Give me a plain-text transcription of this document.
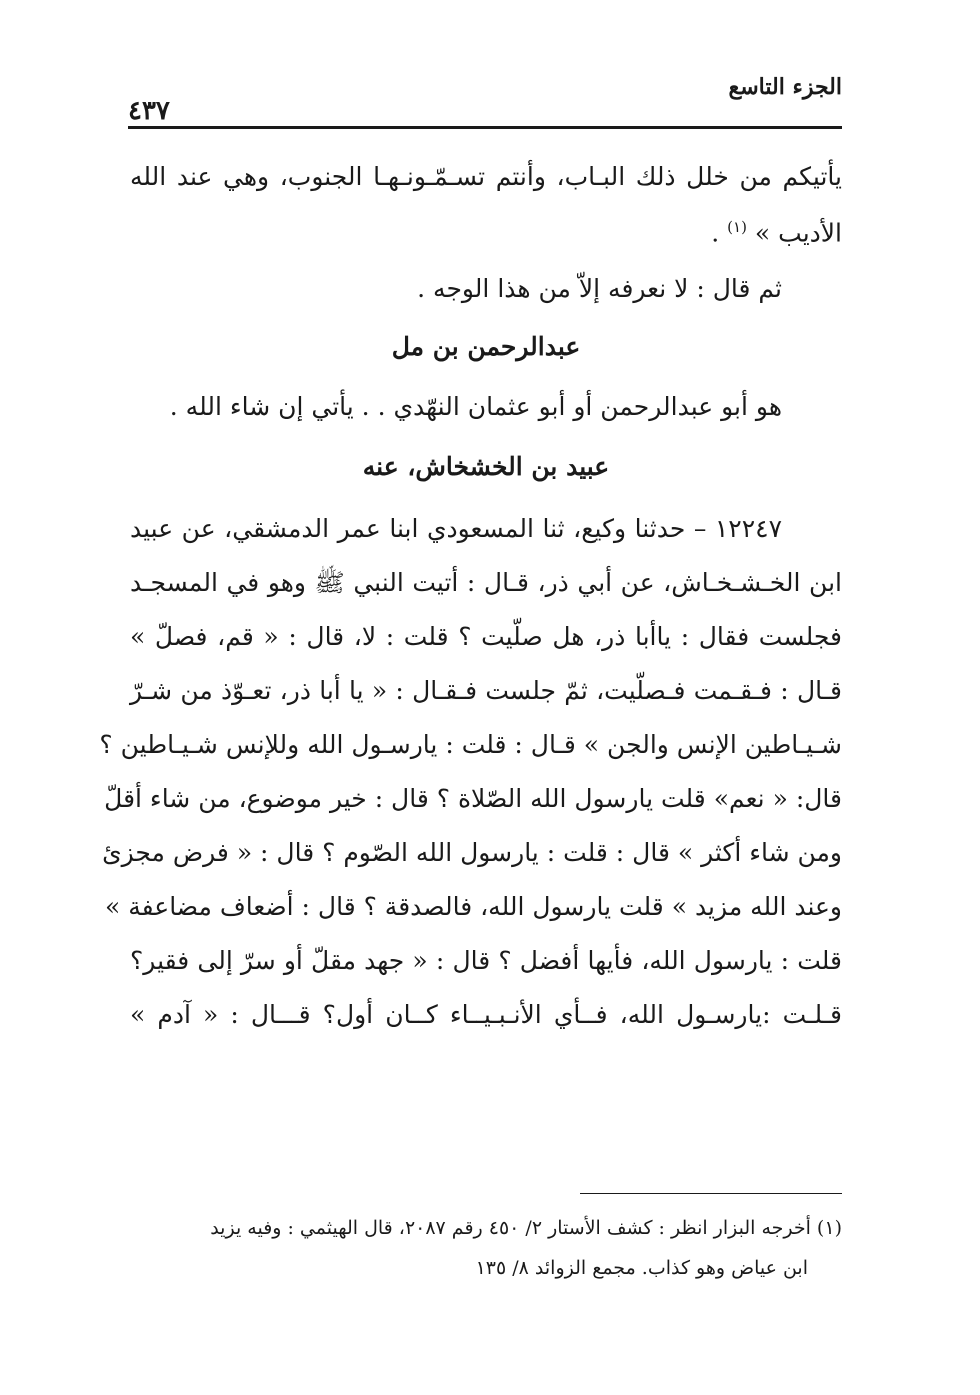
الجزء التاسع
٤٣٧
يأتيكم من خلل ذلك البـاب، وأنتم تسـمّـونـهـا الجنوب، وهي عند الله
الأديب » $^{(١)}$ .
ثم قال : لا نعرفه إلاّ من هذا الوجه .
عبدالرحمن بن مل
هو أبو عبدالرحمن أو أبو عثمان النهّدي . . يأتي إن شاء الله .
عبيد بن الخشخاش، عنه
١٢٢٤٧ – حدثنا وكيع، ثنا المسعودي ابنا عمر الدمشقي، عن عبيد
ابن الخـشـخـاش، عن أبي ذر، قـال : أتيت النبي ﷺ وهو في المسجـد
فجلست فقال : ياأبا ذر، هل صلّيت ؟ قلت : لا، قال : « قم، فصلّ »
قـال : فـقـمت فـصلّيت، ثمّ جلست فـقـال : « يا أبا ذر، تعـوّذ من شـرّ
شـيـاطين الإنس والجن » قـال : قلت : يارسـول الله وللإنس شـيـاطين ؟
قال: « نعم» قلت يارسول الله الصّلاة ؟ قال : خير موضوع، من شاء أقلّ
ومن شاء أكثر » قال : قلت : يارسول الله الصّوم ؟ قال : « فرض مجزئ
وعند الله مزيد » قلت يارسول الله، فالصدقة ؟ قال : أضعاف مضاعفة »
قلت : يارسول الله، فأيها أفضل ؟ قال : « جهد مقلّ أو سرّ إلى فقير؟
قـلـت :يارسـول الله، فــأي الأنـبـيــاء كــان أول؟ قـــال : « آدم »
(١) أخرجه البزار انظر : كشف الأستار ٢/ ٤٥٠ رقم ٢٠٨٧، قال الهيثمي : وفيه يزيد
ابن عياض وهو كذاب. مجمع الزوائد ٨/ ١٣٥
